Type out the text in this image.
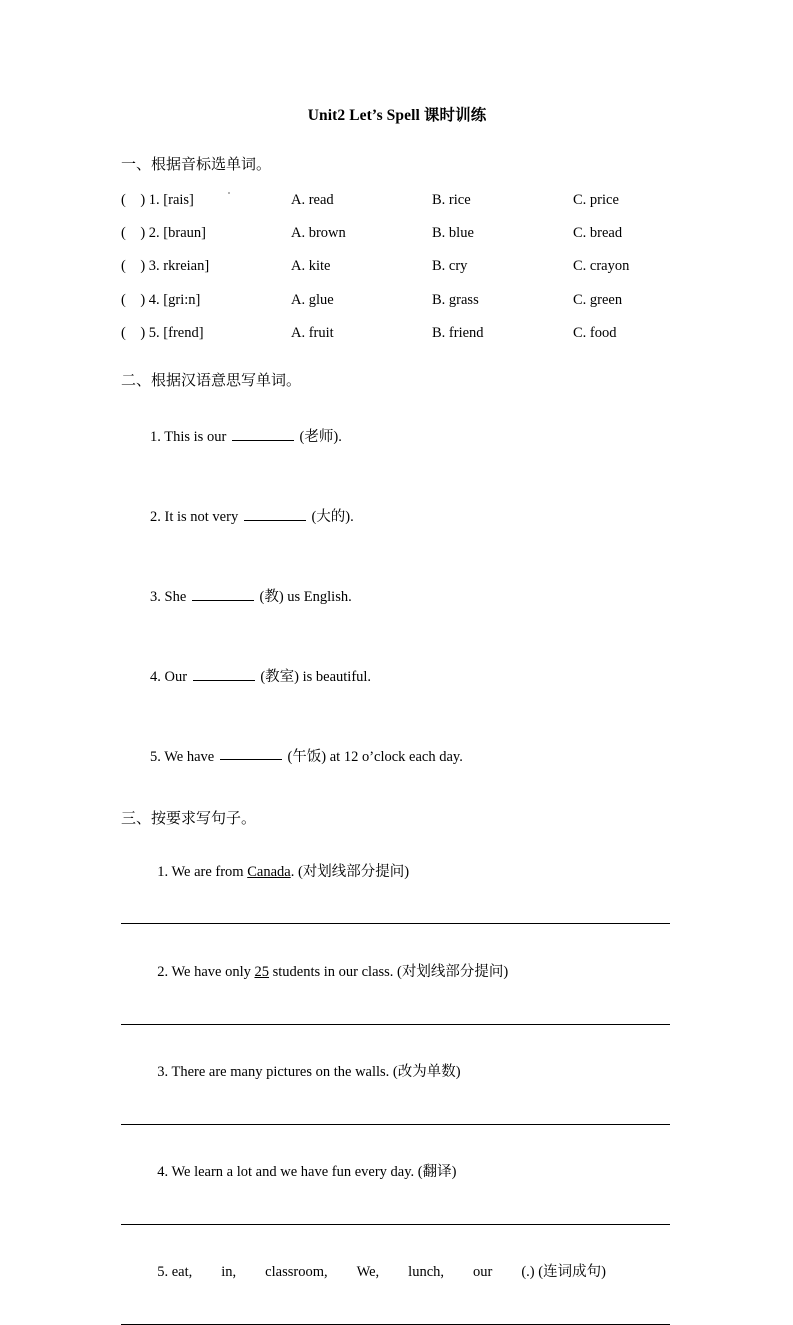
Unit2 Let’s Spell 课时训练
一、根据音标选单词。
(    ) 1. [rais]	A. read	B. rice	C. price
(    ) 2. [braun]	A. brown	B. blue	C. bread
(    ) 3. rkreian]	A. kite	B. cry	C. crayon
(    ) 4. [gri:n]	A. glue	B. grass	C. green
(    ) 5. [frend]	A. fruit	B. friend	C. food
二、根据汉语意思写单词。

1. This is our	(老师).

2. It is not very	(大的).

3. She	(教) us English.

4. Our	(教室) is beautiful.

5. We have	(午饭) at 12 o’clock each day.

三、按要求写句子。

1. We are from Canada. (对划线部分提问)

2. We have only 25 students in our class. (对划线部分提问)

3. There are many pictures on the walls. (改为单数)

4. We learn a lot and we have fun every day. (翻译)

5. eat,　　in,　　classroom,　　We,　　lunch,　　our　　(.) (连词成句)
